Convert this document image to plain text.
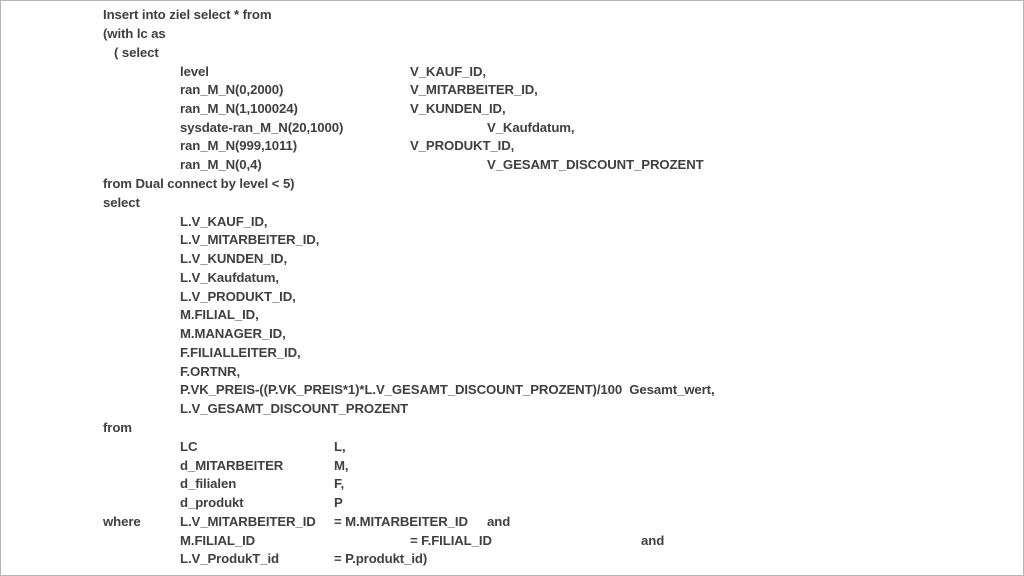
Insert into ziel select * from
(with lc as
( select
level	V_KAUF_ID,
ran_M_N(0,2000)	V_MITARBEITER_ID,
ran_M_N(1,100024)	V_KUNDEN_ID,
sysdate-ran_M_N(20,1000)	V_Kaufdatum,
ran_M_N(999,1011)	V_PRODUKT_ID,
ran_M_N(0,4)	V_GESAMT_DISCOUNT_PROZENT
from Dual connect by level < 5)
select
L.V_KAUF_ID,
L.V_MITARBEITER_ID,
L.V_KUNDEN_ID,
L.V_Kaufdatum,
L.V_PRODUKT_ID,
M.FILIAL_ID,
M.MANAGER_ID,
F.FILIALLEITER_ID,
F.ORTNR,
P.VK_PREIS-((P.VK_PREIS*1)*L.V_GESAMT_DISCOUNT_PROZENT)/100  Gesamt_wert,
L.V_GESAMT_DISCOUNT_PROZENT
from
LC	L,
d_MITARBEITER	M,
d_filialen	F,
d_produkt	P
where	L.V_MITARBEITER_ID = M.MITARBEITER_ID and
M.FILIAL_ID	= F.FILIAL_ID	and
L.V_ProdukT_id	= P.produkt_id)
